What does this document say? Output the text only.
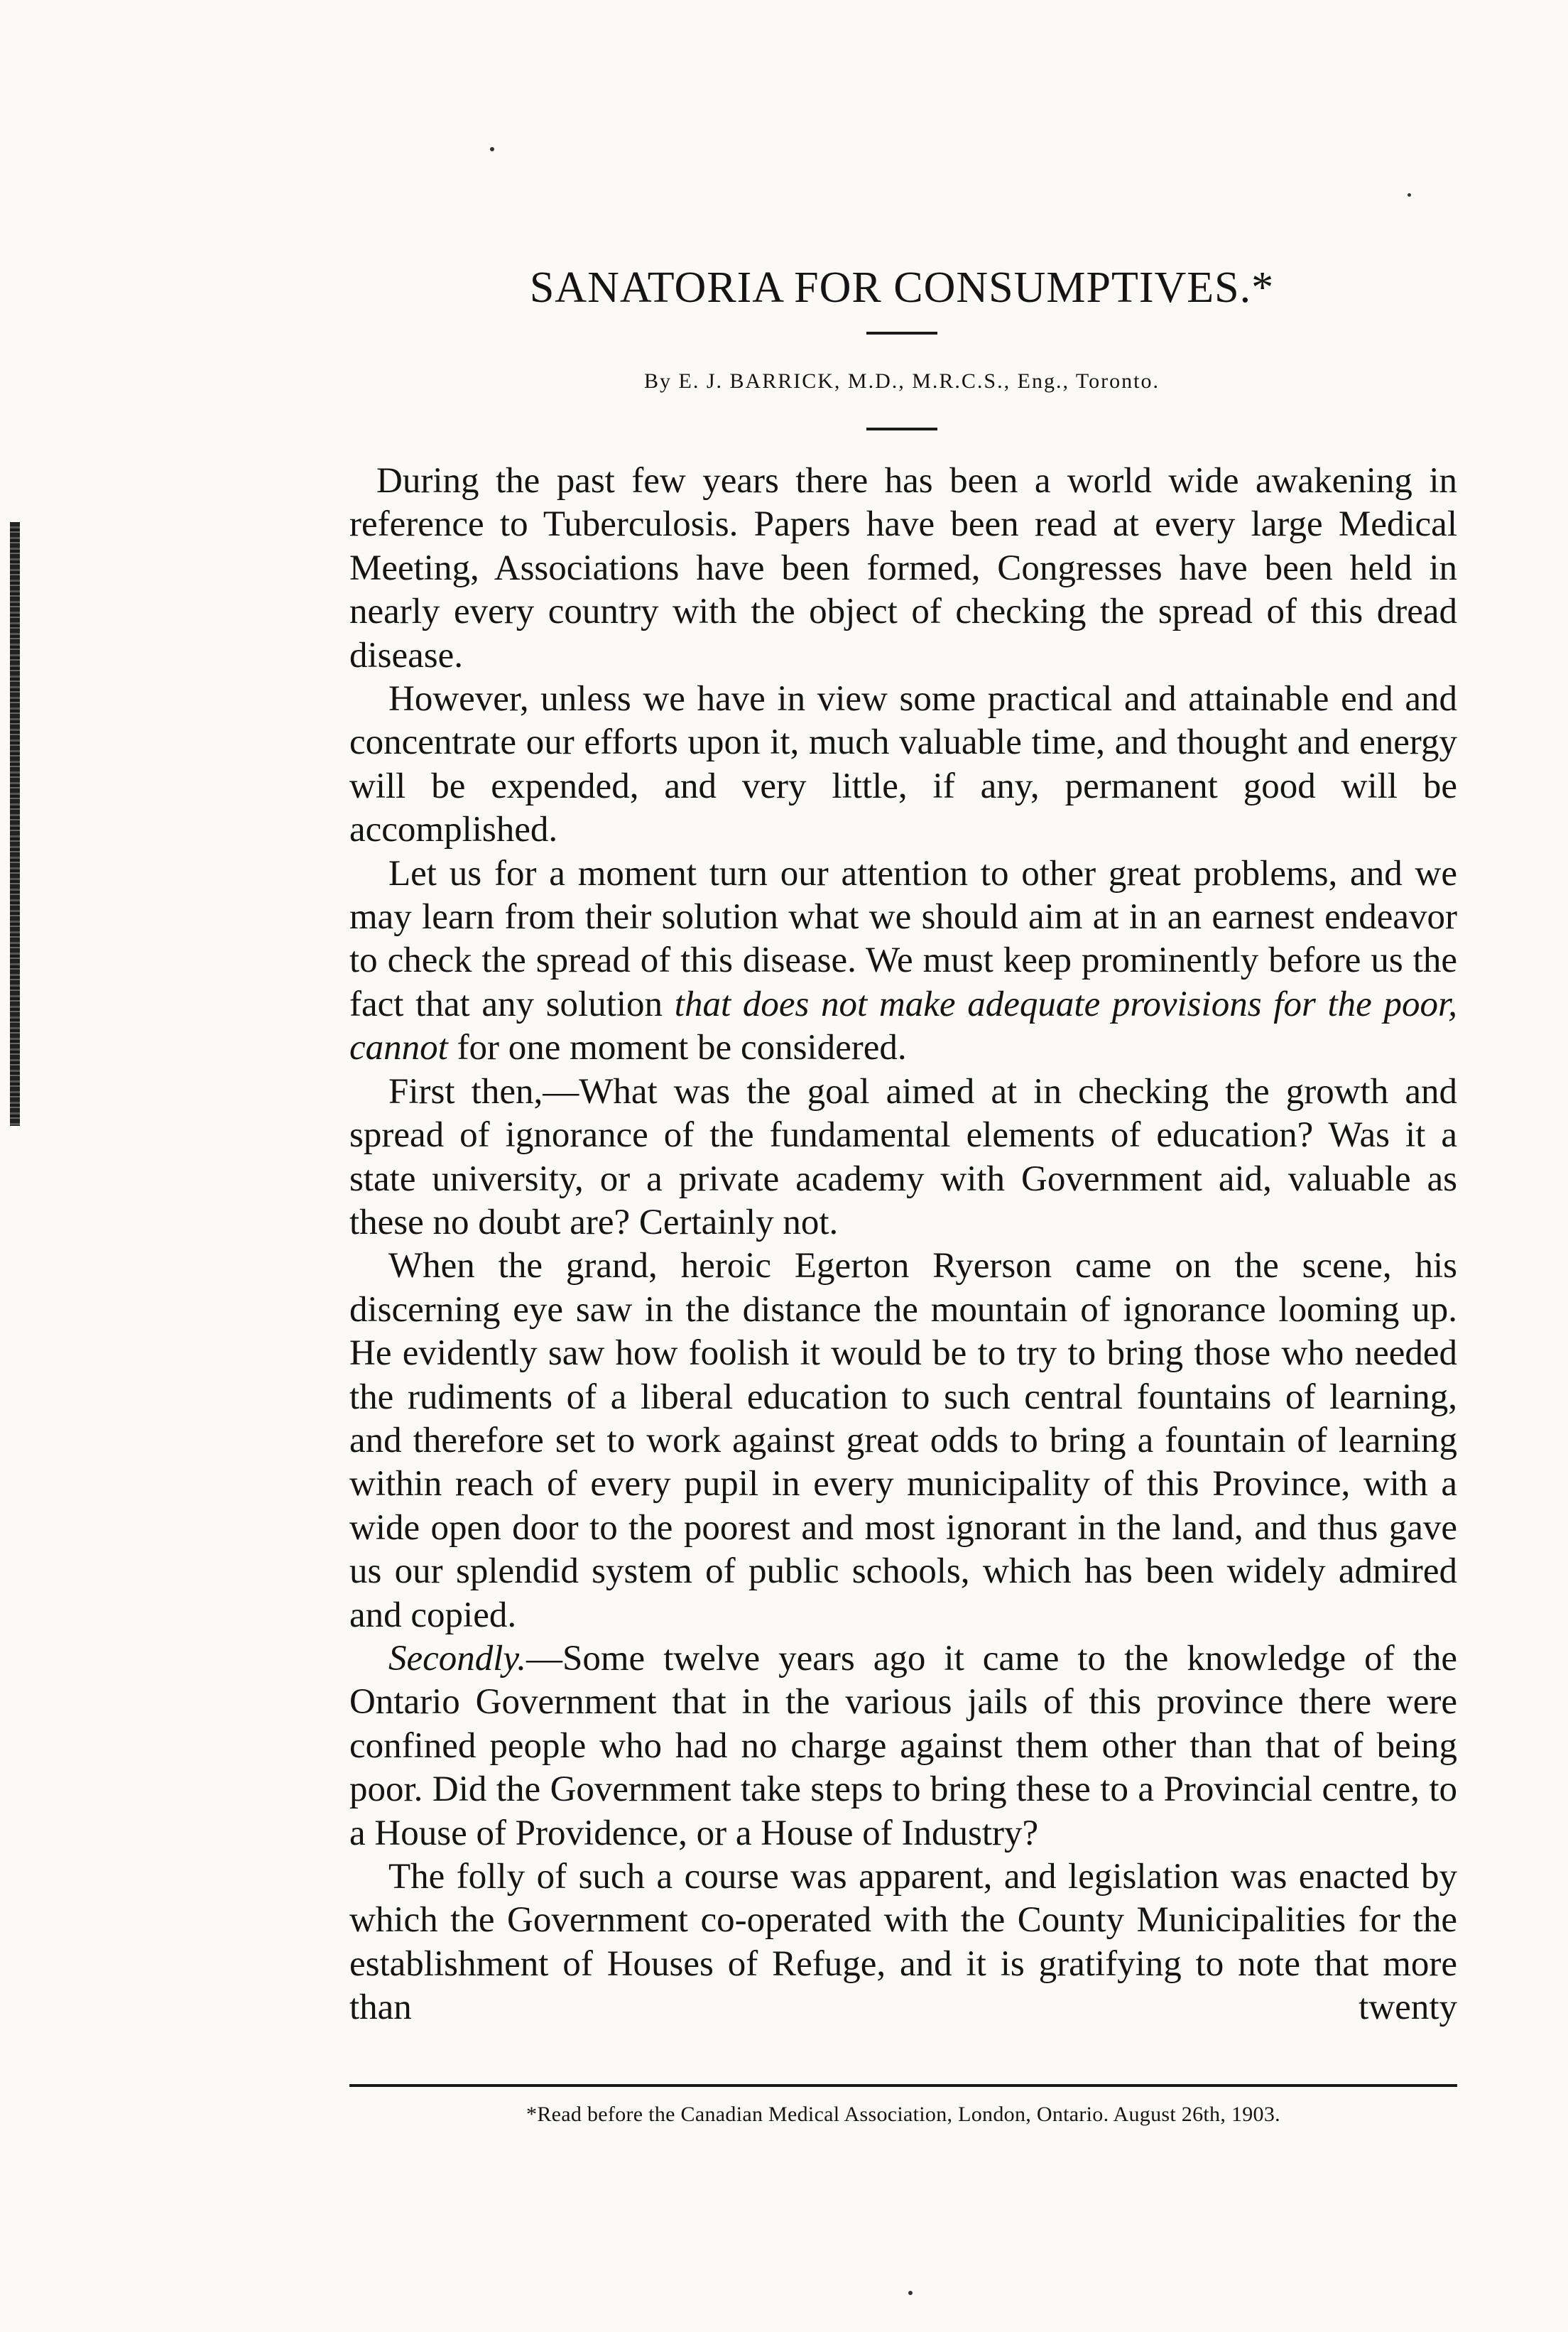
SANATORIA FOR CONSUMPTIVES.*

By E. J. BARRICK, M.D., M.R.C.S., Eng., Toronto.

During the past few years there has been a world wide awakening in reference to Tuberculosis. Papers have been read at every large Medical Meeting, Associations have been formed, Congresses have been held in nearly every country with the object of checking the spread of this dread disease.

However, unless we have in view some practical and attainable end and concentrate our efforts upon it, much valuable time, and thought and energy will be expended, and very little, if any, permanent good will be accomplished.

Let us for a moment turn our attention to other great problems, and we may learn from their solution what we should aim at in an earnest endeavor to check the spread of this disease. We must keep prominently before us the fact that any solution that does not make adequate provisions for the poor, cannot for one moment be considered.

First then,—What was the goal aimed at in checking the growth and spread of ignorance of the fundamental elements of education? Was it a state university, or a private academy with Government aid, valuable as these no doubt are? Certainly not.

When the grand, heroic Egerton Ryerson came on the scene, his discerning eye saw in the distance the mountain of ignorance looming up. He evidently saw how foolish it would be to try to bring those who needed the rudiments of a liberal education to such central fountains of learning, and therefore set to work against great odds to bring a fountain of learning within reach of every pupil in every municipality of this Province, with a wide open door to the poorest and most ignorant in the land, and thus gave us our splendid system of public schools, which has been widely admired and copied.

Secondly.—Some twelve years ago it came to the knowledge of the Ontario Government that in the various jails of this province there were confined people who had no charge against them other than that of being poor. Did the Government take steps to bring these to a Provincial centre, to a House of Providence, or a House of Industry?

The folly of such a course was apparent, and legislation was enacted by which the Government co-operated with the County Municipalities for the establishment of Houses of Refuge, and it is gratifying to note that more than twenty

*Read before the Canadian Medical Association, London, Ontario. August 26th, 1903.
